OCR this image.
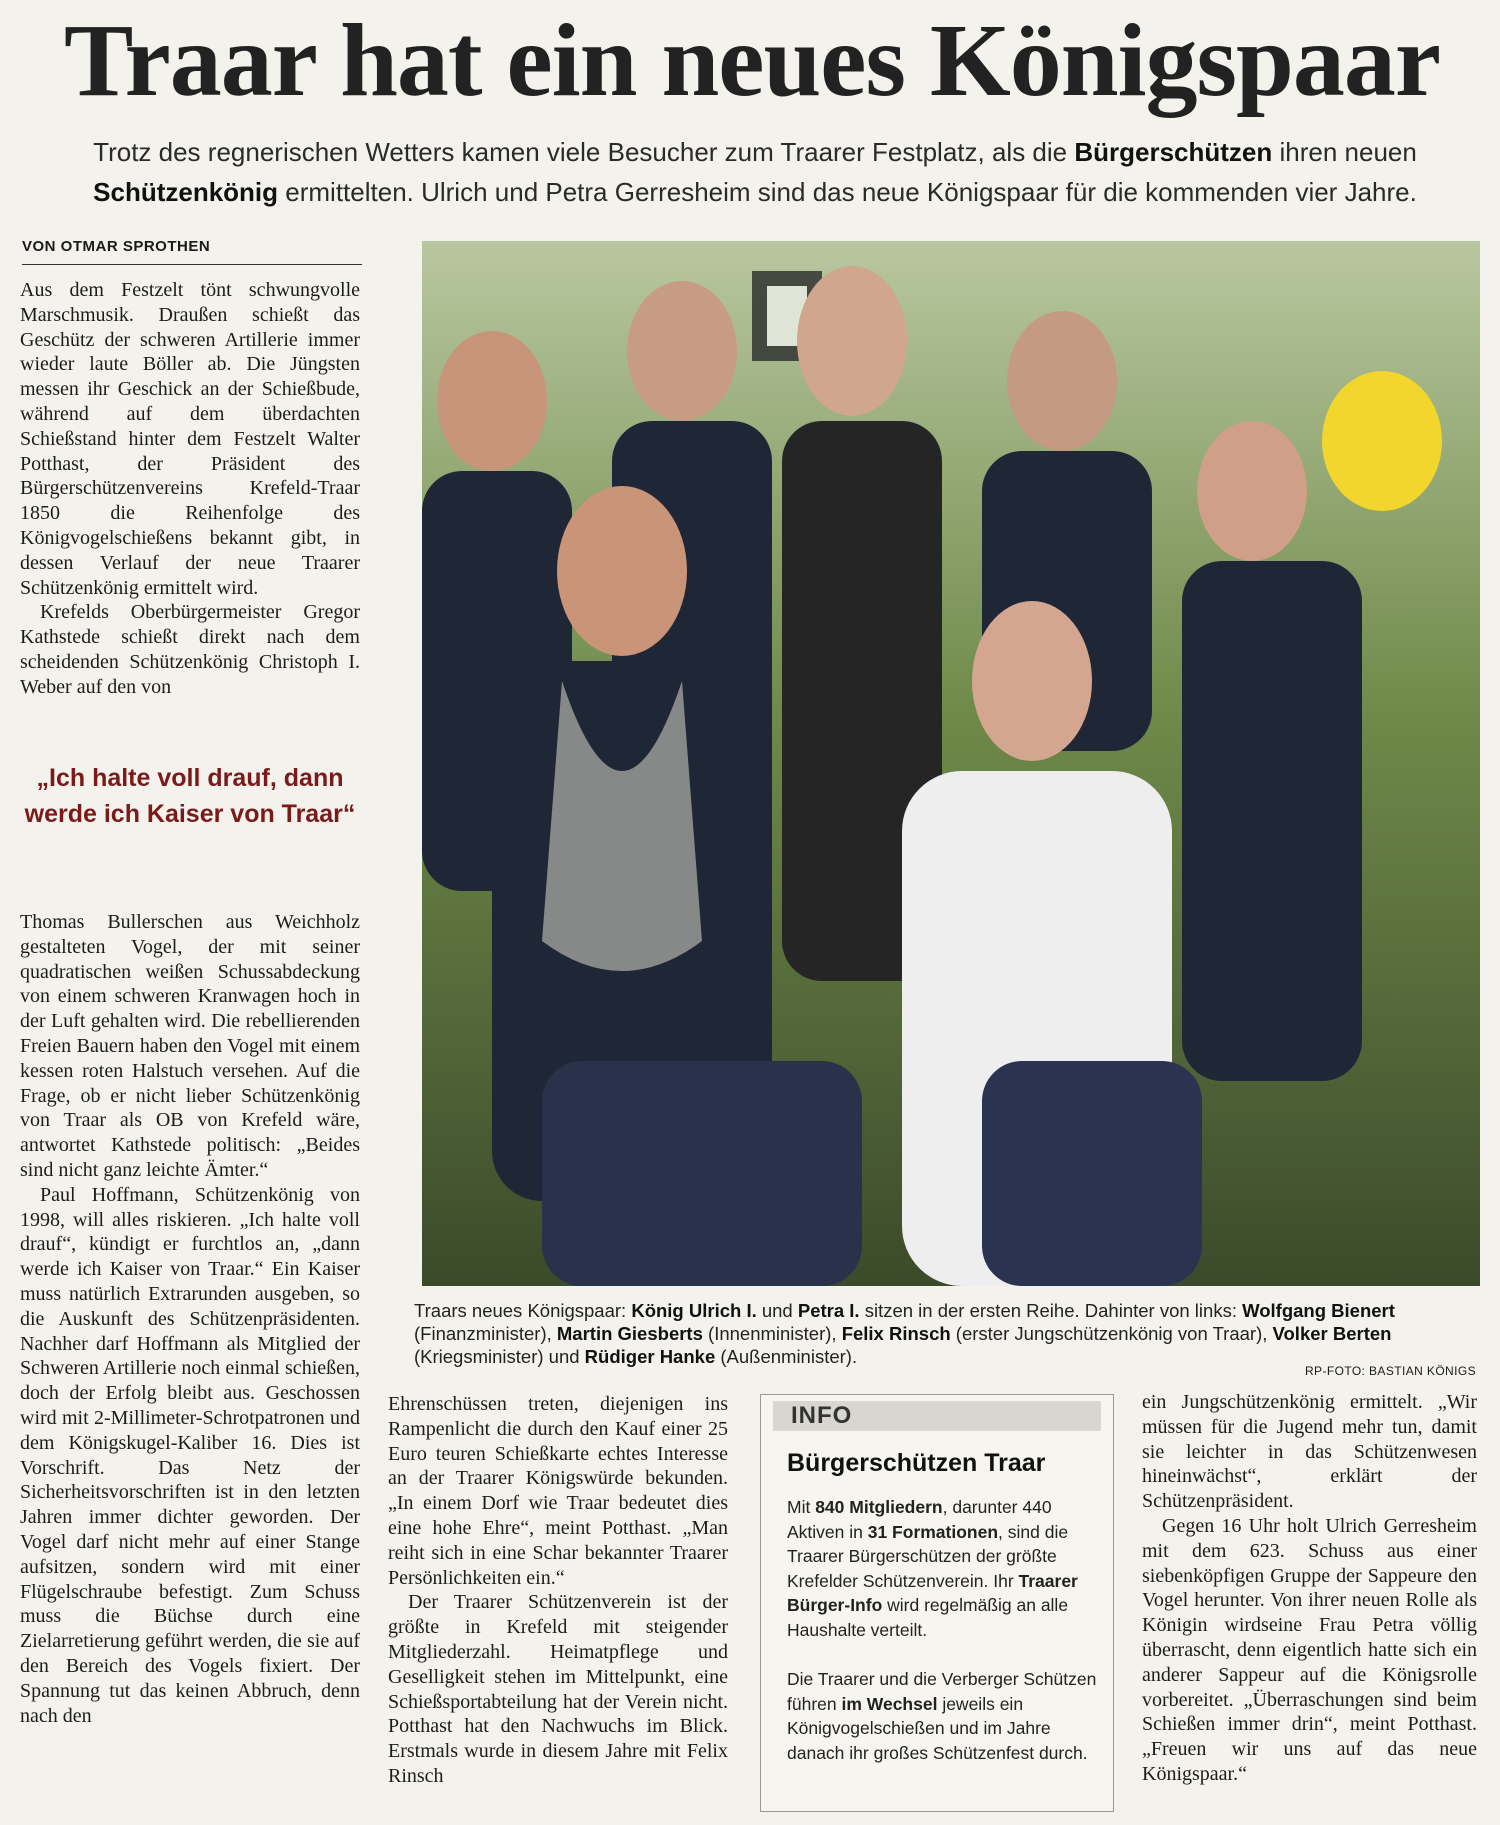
Traar hat ein neues Königspaar
Trotz des regnerischen Wetters kamen viele Besucher zum Traarer Festplatz, als die Bürgerschützen ihren neuen Schützenkönig ermittelten. Ulrich und Petra Gerresheim sind das neue Königspaar für die kommenden vier Jahre.
VON OTMAR SPROTHEN

Aus dem Festzelt tönt schwungvolle Marschmusik. Draußen schießt das Geschütz der schweren Artillerie immer wieder laute Böller ab. Die Jüngsten messen ihr Geschick an der Schießbude, während auf dem überdachten Schießstand hinter dem Festzelt Walter Potthast, der Präsident des Bürgerschützenvereins Krefeld-Traar 1850 die Reihenfolge des Königvogelschießens bekannt gibt, in dessen Verlauf der neue Traarer Schützenkönig ermittelt wird.

Krefelds Oberbürgermeister Gregor Kathstede schießt direkt nach dem scheidenden Schützenkönig Christoph I. Weber auf den von

„Ich halte voll drauf, dann werde ich Kaiser von Traar“

Thomas Bullerschen aus Weichholz gestalteten Vogel, der mit seiner quadratischen weißen Schussabdeckung von einem schweren Kranwagen hoch in der Luft gehalten wird. Die rebellierenden Freien Bauern haben den Vogel mit einem kessen roten Halstuch versehen. Auf die Frage, ob er nicht lieber Schützenkönig von Traar als OB von Krefeld wäre, antwortet Kathstede politisch: „Beides sind nicht ganz leichte Ämter.“

Paul Hoffmann, Schützenkönig von 1998, will alles riskieren. „Ich halte voll drauf“, kündigt er furchtlos an, „dann werde ich Kaiser von Traar.“ Ein Kaiser muss natürlich Extrarunden ausgeben, so die Auskunft des Schützenpräsidenten. Nachher darf Hoffmann als Mitglied der Schweren Artillerie noch einmal schießen, doch der Erfolg bleibt aus. Geschossen wird mit 2-Millimeter-Schrotpatronen und dem Königskugel-Kaliber 16. Dies ist Vorschrift. Das Netz der Sicherheitsvorschriften ist in den letzten Jahren immer dichter geworden. Der Vogel darf nicht mehr auf einer Stange aufsitzen, sondern wird mit einer Flügelschraube befestigt. Zum Schuss muss die Büchse durch eine Zielarretierung geführt werden, die sie auf den Bereich des Vogels fixiert. Der Spannung tut das keinen Abbruch, denn nach den

Traars neues Königspaar: König Ulrich I. und Petra I. sitzen in der ersten Reihe. Dahinter von links: Wolfgang Bienert (Finanzminister), Martin Giesberts (Innenminister), Felix Rinsch (erster Jungschützenkönig von Traar), Volker Berten (Kriegsminister) und Rüdiger Hanke (Außenminister).
RP-FOTO: BASTIAN KÖNIGS

Ehrenschüssen treten, diejenigen ins Rampenlicht die durch den Kauf einer 25 Euro teuren Schießkarte echtes Interesse an der Traarer Königswürde bekunden. „In einem Dorf wie Traar bedeutet dies eine hohe Ehre“, meint Potthast. „Man reiht sich in eine Schar bekannter Traarer Persönlichkeiten ein.“

Der Traarer Schützenverein ist der größte in Krefeld mit steigender Mitgliederzahl. Heimatpflege und Geselligkeit stehen im Mittelpunkt, eine Schießsportabteilung hat der Verein nicht. Potthast hat den Nachwuchs im Blick. Erstmals wurde in diesem Jahre mit Felix Rinsch

INFO
Bürgerschützen Traar
Mit 840 Mitgliedern, darunter 440 Aktiven in 31 Formationen, sind die Traarer Bürgerschützen der größte Krefelder Schützenverein. Ihr Traarer Bürger-Info wird regelmäßig an alle Haushalte verteilt.
Die Traarer und die Verberger Schützen führen im Wechsel jeweils ein Königvogelschießen und im Jahre danach ihr großes Schützenfest durch.

ein Jungschützenkönig ermittelt. „Wir müssen für die Jugend mehr tun, damit sie leichter in das Schützenwesen hineinwächst“, erklärt der Schützenpräsident.

Gegen 16 Uhr holt Ulrich Gerresheim mit dem 623. Schuss aus einer siebenköpfigen Gruppe der Sappeure den Vogel herunter. Von ihrer neuen Rolle als Königin wirdseine Frau Petra völlig überrascht, denn eigentlich hatte sich ein anderer Sappeur auf die Königsrolle vorbereitet. „Überraschungen sind beim Schießen immer drin“, meint Potthast. „Freuen wir uns auf das neue Königspaar.“
